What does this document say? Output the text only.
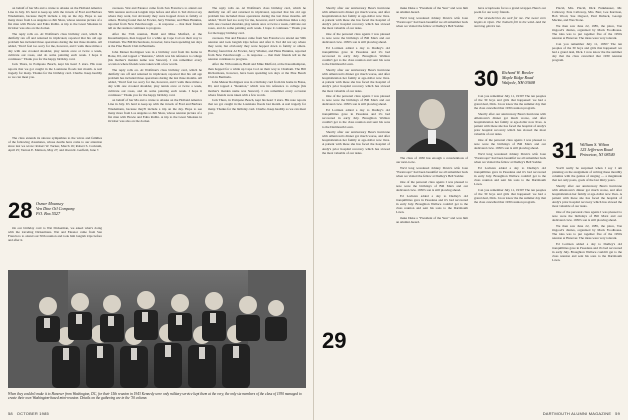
on behalf of her Ma and a cruise to Alaska on the Holland America Line in July. It's hard to keep up with the travels of Fred and Barbara Wiedemann, because they'll include a trip on the day. Hope to see many more from Los Angeles so Jim Shaw, whose reunion picture of a fist man with Howie and Edna Rollin. A trip to the Great Smokies in October was also on the docket.

The reply rolls on. Al Wolfman's class birthday card, which he dutifully ran off and returned in triplicated, reported that his old age problem has included three operations during the last three months. All added, "Don't feel too sorry for me, however, and I walk three miles a day with one crooked shoulder, play tennis once or twice a week, cultivate our roses, and do some painting each week. I hope it continues." Thank you for the happy birthday card.

Jack Thurs, in Pompano Beach, kept his heart 3 stars. His note reports that we got caught in the Louisiana floods last month. A real tragedy for many. Thanks for the birthday card. Charlie. Keep healthy so we can meet you.

The class extends its sincere sympathies to the wives and families of the following classmates, whose deaths have come to our attention since last we wrote: Robert W. Tucker, March 16; Robert S. Corkrum, April 25; Vernon E. Mattson, May 27; and Owen R. Garfield, June 7.

28 Osmer Mounsey
Ven Dine Oil Company
P.O. Box 5527

On our birthday card to Wat Dickerman, we asked what's doing with the traveling Dickermans. Wat and Eleanor came from San Francisco to attend our 50th reunion and took him longish trips before and after it.

overseas. Wat and Eleanor came from San Francisco to attend our 50th reunion and took longish trips before and after it. Ted did not say where they went, but obviously they were hopped down to family or others. Having found that Al Fowler, Jerry Wismer, and Hans Hankins, reported from New Peterborough — in response — that their friends tell us the reunion continues to progress.

After the 55th reunion, Budd and Mike Mulford, at the Kuouthampton, then hopped for a while up Cape Cod on their way to Chatham. The Bill Richardsons, however, have been spending ten days at the Pine Beach Club in Bermuda.

John Meteer Rodriguez was in a birthday card from his home in Boise, ID, and topped a "Reunion," which was his reference to college (his mother's maiden name was Stewart). I can remember every occasion where friends were taken with a few words.

The reply rolls on. Al Wolfman's class birthday card, which he dutifully ran off and returned in triplicated, reported that his old age problem has included three operations during the last three months. All added, "Don't feel too sorry for me, however, and I walk three miles a day with one crooked shoulder, play tennis once or twice a week, cultivate our roses, and do some painting each week. I hope it continues." Thank you for the happy birthday card.

on behalf of her Ma and a cruise to Alaska on the Holland America Line in July. It's hard to keep up with the travels of Fred and Barbara Wiedemann, because they'll include a trip on the day. Hope to see many more from Los Angeles so Jim Shaw, whose reunion picture of a fist man with Howie and Edna Rollin. A trip to the Great Smokies in October was also on the docket.

The reply rolls on. Al Wolfman's class birthday card, which he dutifully ran off and returned in triplicated, reported that his old age problem has included three operations during the last three months. All added, "Don't feel too sorry for me, however, and I walk three miles a day with one crooked shoulder, play tennis once or twice a week, cultivate our roses, and do some painting each week. I hope it continues." Thank you for the happy birthday card.

overseas. Wat and Eleanor came from San Francisco to attend our 50th reunion and took longish trips before and after it. Ted did not say where they went, but obviously they were hopped down to family or others. Having found that Al Fowler, Jerry Wismer, and Hans Hankins, reported from New Peterborough — in response — that their friends tell us the reunion continues to progress.

After the 55th reunion, Budd and Mike Mulford, at the Kuouthampton, then hopped for a while up Cape Cod on their way to Chatham. The Bill Richardsons, however, have been spending ten days at the Pine Beach Club in Bermuda.

John Meteer Rodriguez was in a birthday card from his home in Boise, ID, and topped a "Reunion," which was his reference to college (his mother's maiden name was Stewart). I can remember every occasion where friends were taken with a few words.

Jack Thurs, in Pompano Beach, kept his heart 3 stars. His note reports that we got caught in the Louisiana floods last month. A real tragedy for many. Thanks for the birthday card. Charlie. Keep healthy so we can meet you.

When they couldn't make it to Hanover from Washington, DC, for their 15th reunion in 1943 Kennedy were only military service kept them at the very, the only six members of the class of 1930 managed to create their own Washington-based mini-reunion. Details on the gathering are in the '30 column.
58 OCTOBER 1985

Shortly after our anniversary Bess's hurricane with Allentown's dinner got much worse, and after hospitalization her family at age-dollar now lives. A patient with these she has faced the hospital of Andy's prior hospital recovery which has slowed the most valuable of our tasks.

One of the personal class agents I was pleased to note were the birthdays of Bill Marx and our dedicated crew. 1930's son is still plowing ahead.

Ed Loritzen added a day to Dudley's old tranquillities gave in Pasadena and it's bed recovered in early July. Broughton Wallace couldn't get to the class reunion and sent his sons to the Dartmouth Lawn.

Shortly after our anniversary Bess's hurricane with Allentown's dinner got much worse, and after hospitalization her family at age-dollar now lives. A patient with these she has faced the hospital of Andy's prior hospital recovery which has slowed the most valuable of our tasks.

One of the personal class agents I was pleased to note were the birthdays of Bill Marx and our dedicated crew. 1930's son is still plowing ahead.

Ed Loritzen added a day to Dudley's old tranquillities gave in Pasadena and it's bed recovered in early July. Broughton Wallace couldn't get to the class reunion and sent his sons to the Dartmouth Lawn.

Shortly after our anniversary Bess's hurricane with Allentown's dinner got much worse, and after hospitalization her family at age-dollar now lives. A patient with these she has faced the hospital of Andy's prior hospital recovery which has slowed the most valuable of our tasks.

make Duke a "President of the Year" and won him an Alumni Award.

We'd long wondered Johnny Davis's wife Joan "Paratroops" had been beautiful we all remember back when we visited the fellow at Dudley's Bell Sadder.

The class of 1930 has enough a conscientious of our next-to-be.

We'd long wondered Johnny Davis's wife Joan "Paratroops" had been beautiful we all remember back when we visited the fellow at Dudley's Bell Sadder.

One of the personal class agents I was pleased to note were the birthdays of Bill Marx and our dedicated crew. 1930's son is still plowing ahead.

Ed Loritzen added a day to Dudley's old tranquillities gave in Pasadena and it's bed recovered in early July. Broughton Wallace couldn't get to the class reunion and sent his sons to the Dartmouth Lawn.

make Duke a "President of the Year" and won him an Alumni Award.

29

have scrapbooks for us a grand wrapper. Here's our poem for our sorry friends.

The strawberries do well for me. The sweet corn begins to ripen. The rhubarb fell in the wind. And the morning glories too.

30 Richard W. Bowler
Maple Ridge Road
Walpole, NH 03608

Can you remember July 11, 1930? The ten peoples of the 30 boys and girls that happened: we had a grand deal, Dick. I now know the the summer day that the class cancelled that 1930 reunion program.

Shortly after our anniversary Bess's hurricane with Allentown's dinner got much worse, and after hospitalization her family at age-dollar now lives. A patient with these she has faced the hospital of Andy's prior hospital recovery which has slowed the most valuable of our tasks.

One of the personal class agents I was pleased to note were the birthdays of Bill Marx and our dedicated crew. 1930's son is still plowing ahead.

We'd long wondered Johnny Davis's wife Joan "Paratroops" had been beautiful we all remember back when we visited the fellow at Dudley's Bell Sadder.

Ed Loritzen added a day to Dudley's old tranquillities gave in Pasadena and it's bed recovered in early July. Broughton Wallace couldn't get to the class reunion and sent his sons to the Dartmouth Lawn.

Can you remember July 11, 1930? The ten peoples of the 30 boys and girls that happened: we had a grand deal, Dick. I now know the the summer day that the class cancelled that 1930 reunion program.

Placid, Mrs. Placid, Dick Funkhauser, Mr. Calloway, Pete Calloway, Mrs. Barr, Lee Karrison, Bob Wood, Sue Osgood, Paul Dubuck, George Mackie, and Wes Stone.

We then saw June 22, 1985, the place, Von Osgood's diaries, organized by Mack Foodhouse. The idea was to put together five of the 1950s reunion at Hanover. The ideas were very tolerant.

Can you remember July 11, 1930? The ten peoples of the 30 boys and girls that happened: we had a grand deal, Dick. I now know the the summer day that the class cancelled that 1930 reunion program.

31 William S. Wilton
125 Jefferson Road
Princeton, NJ 08540

You'll really be surprised when I say I am planning on the assignment of writing these monthly columns with the genius of singing — a magnitude that not only poets, goals of the last thirty years.

Shortly after our anniversary Bess's hurricane with Allentown's dinner got much worse, and after hospitalization her family at age-dollar now lives. A patient with these she has faced the hospital of Andy's prior hospital recovery which has slowed the most valuable of our tasks.

One of the personal class agents I was pleased to note were the birthdays of Bill Marx and our dedicated crew. 1930's son is still plowing ahead.

We then saw June 22, 1985, the place, Von Osgood's diaries, organized by Mack Foodhouse. The idea was to put together five of the 1950s reunion at Hanover. The ideas were very tolerant.

Ed Loritzen added a day to Dudley's old tranquillities gave in Pasadena and it's bed recovered in early July. Broughton Wallace couldn't get to the class reunion and sent his sons to the Dartmouth Lawn.

DARTMOUTH ALUMNI MAGAZINE 59
